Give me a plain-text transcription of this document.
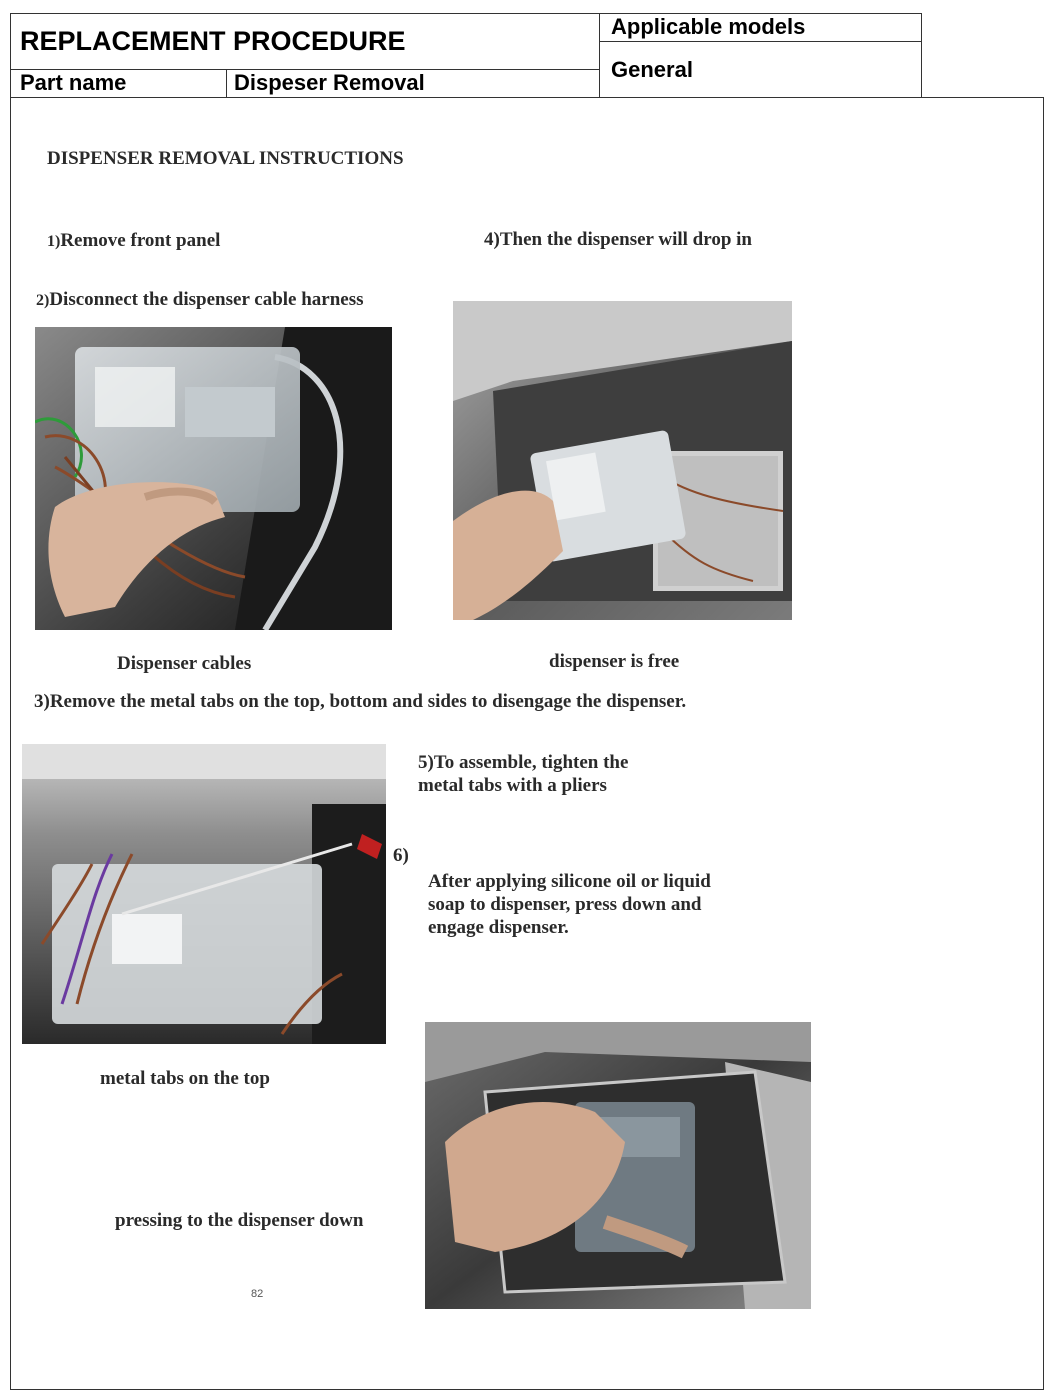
REPLACEMENT PROCEDURE	Applicable models
General
Part name	Dispeser Removal
DISPENSER REMOVAL INSTRUCTIONS
1)Remove front panel	4)Then the dispenser will drop in
2)Disconnect the dispenser cable harness
Dispenser cables	dispenser is free
3)Remove the metal tabs on the top, bottom and sides to disengage the dispenser.
5)To assemble, tighten the
metal tabs with a pliers
6)
After applying silicone oil or liquid
soap to dispenser, press down and
engage dispenser.
metal tabs on the top
pressing to the dispenser down
82
